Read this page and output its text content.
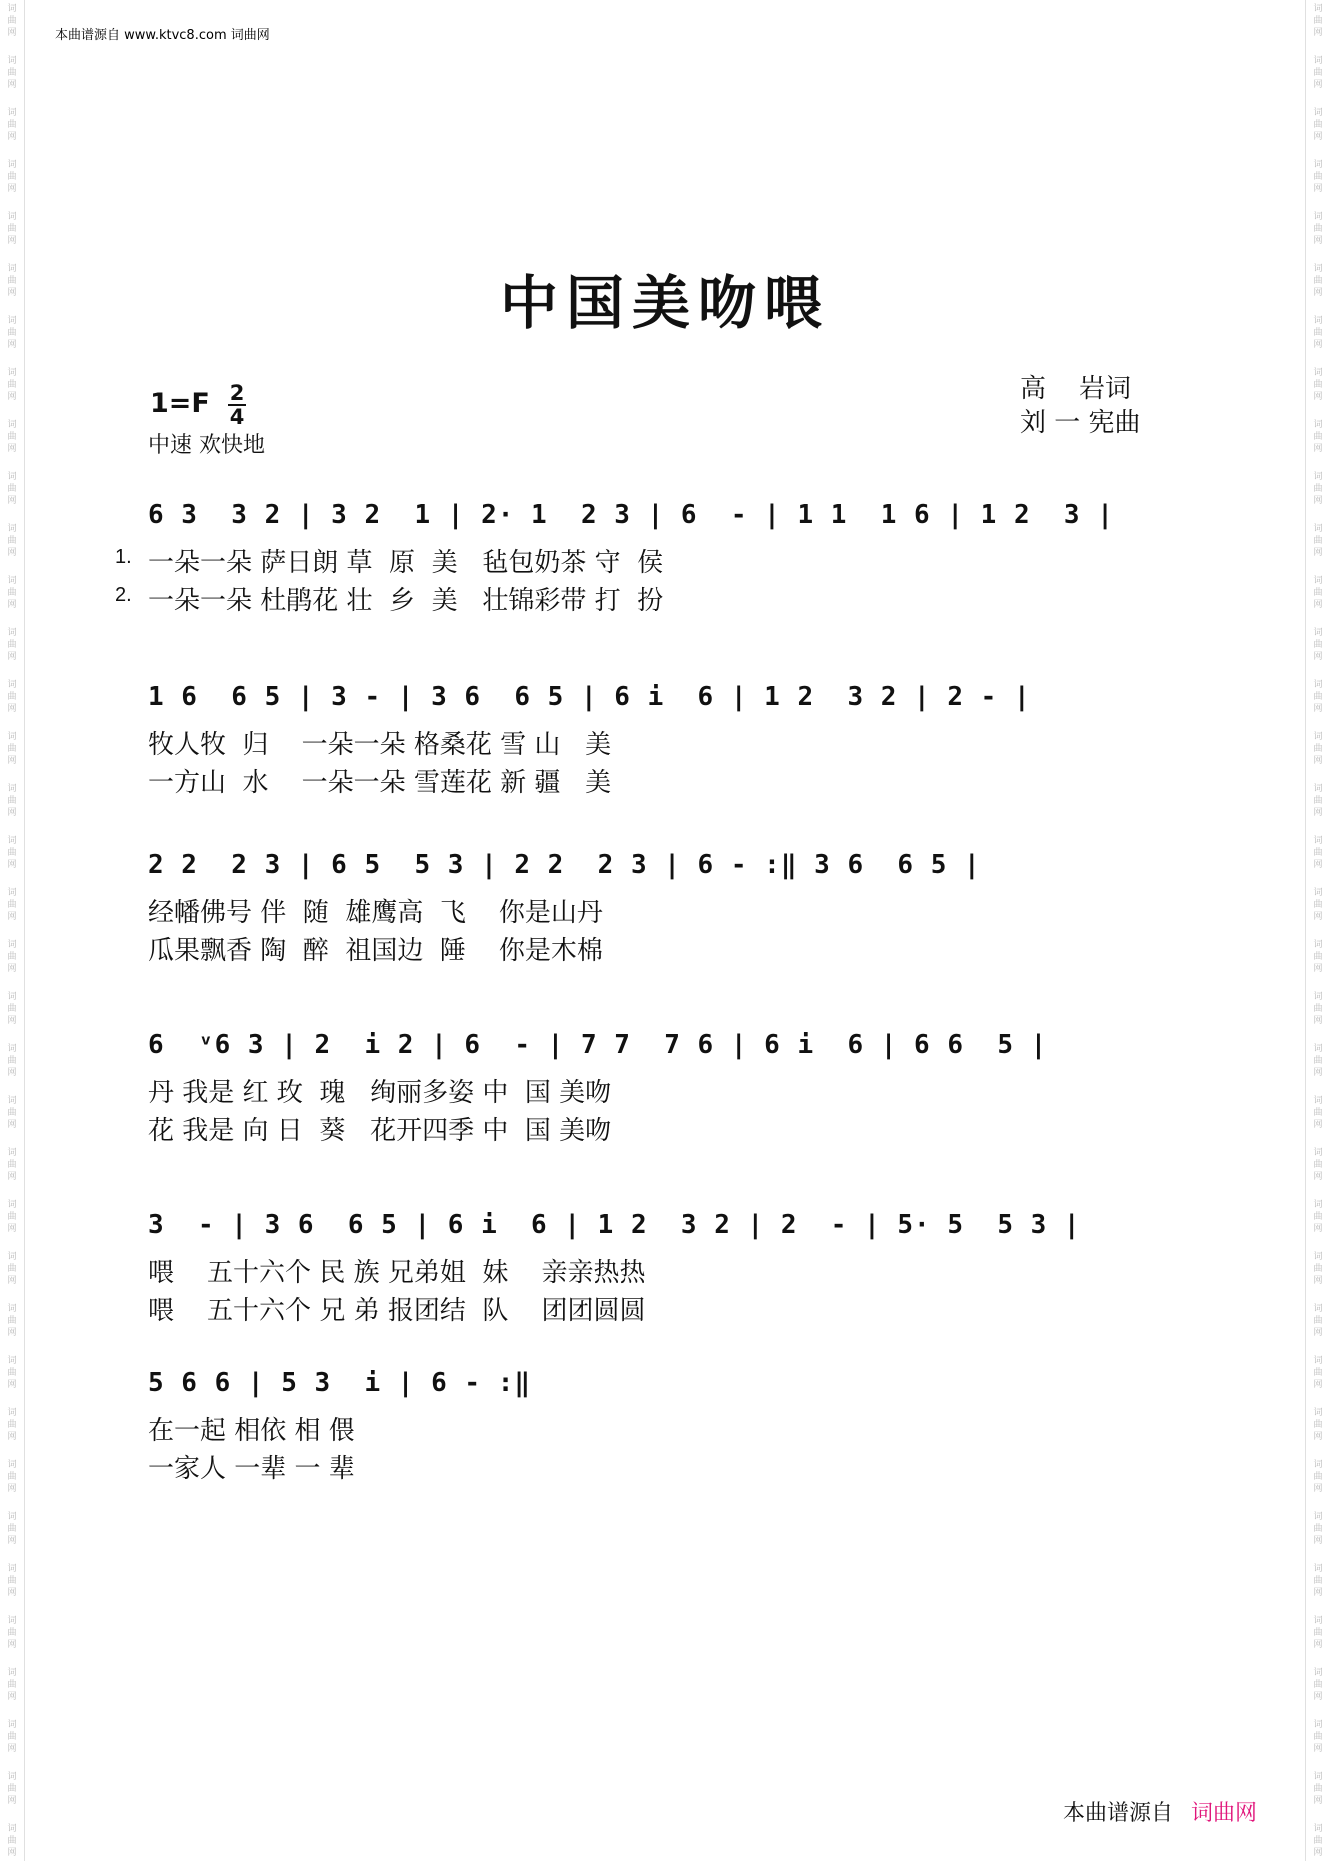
词
曲
网
词
曲
网
词
曲
网
词
曲
网
词
曲
网
词
曲
网
词
曲
网
词
曲
网
词
曲
网
词
曲
网
词
曲
网
词
曲
网
词
曲
网
词
曲
网
词
曲
网
词
曲
网
词
曲
网
词
曲
网
词
曲
网
词
曲
网
词
曲
网
词
曲
网
词
曲
网
词
曲
网
词
曲
网
词
曲
网
词
曲
网
词
曲
网
词
曲
网
词
曲
网
词
曲
网
词
曲
网
词
曲
网
词
曲
网
词
曲
网
词
曲
网
词
曲
网
词
曲
网
词
曲
网
词
曲
网
词
曲
网
词
曲
网
词
曲
网
词
曲
网
词
曲
网
词
曲
网
词
曲
网
词
曲
网
词
曲
网
词
曲
网
词
曲
网
词
曲
网
词
曲
网
词
曲
网
词
曲
网
词
曲
网
词
曲
网
词
曲
网
词
曲
网
词
曲
网
词
曲
网
词
曲
网
词
曲
网
词
曲
网
词
曲
网
词
曲
网
词
曲
网
词
曲
网
词
曲
网
词
曲
网
词
曲
网
词
曲
网
本曲谱源自 www.ktvc8.com 词曲网
中国美吻喂
1=F 2
4
中速 欢快地
高    岩词
刘 一 宪曲
6 3  3 2 | 3 2  1 | 2· 1  2 3 | 6  - | 1 1  1 6 | 1 2  3 |
1.
2.
一朵一朵 萨日朗 草  原  美   毡包奶茶 守  侯
一朵一朵 杜鹃花 壮  乡  美   壮锦彩带 打  扮
1 6  6 5 | 3 - | 3 6  6 5 | 6 i  6 | 1 2  3 2 | 2 - |
牧人牧  归    一朵一朵 格桑花 雪 山   美
一方山  水    一朵一朵 雪莲花 新 疆   美
2 2  2 3 | 6 5  5 3 | 2 2  2 3 | 6 - :‖ 3 6  6 5 |
经幡佛号 伴  随  雄鹰高  飞    你是山丹
瓜果飘香 陶  醉  祖国边  陲    你是木棉
6  ᵛ6 3 | 2  i 2 | 6  - | 7 7  7 6 | 6 i  6 | 6 6  5 |
丹 我是 红 玫  瑰   绚丽多姿 中  国 美吻
花 我是 向 日  葵   花开四季 中  国 美吻
3  - | 3 6  6 5 | 6 i  6 | 1 2  3 2 | 2  - | 5· 5  5 3 |
喂    五十六个 民 族 兄弟姐  妹    亲亲热热
喂    五十六个 兄 弟 报团结  队    团团圆圆
5 6 6 | 5 3  i | 6 - :‖
在一起 相依 相 偎
一家人 一辈 一 辈
本曲谱源自 词曲网
